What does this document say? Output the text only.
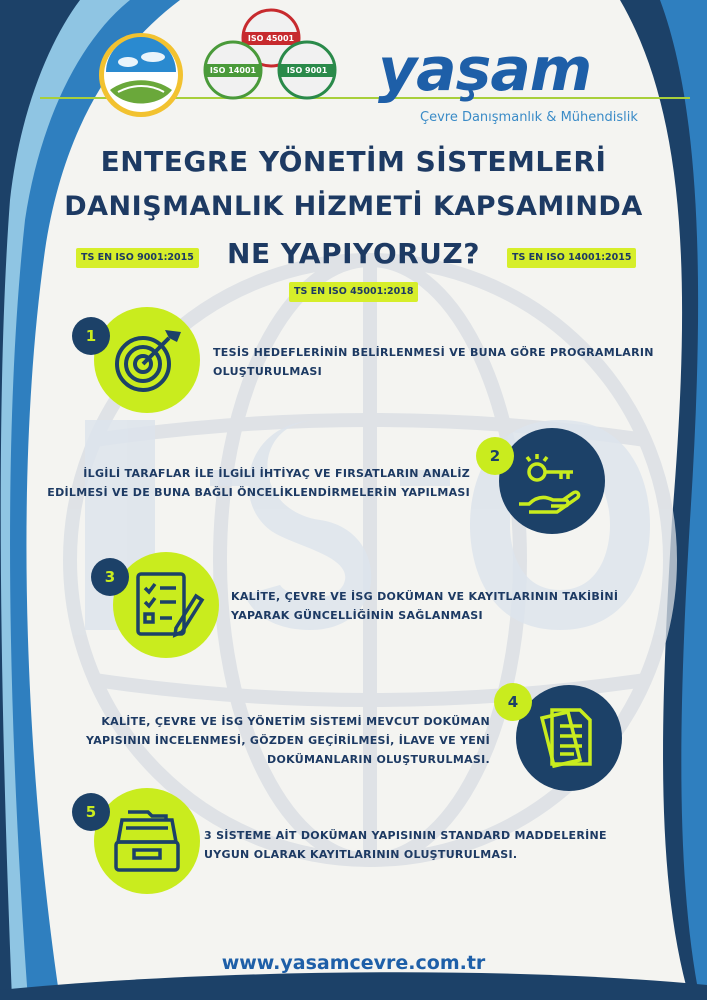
ISO 45001
ISO 14001	ISO 9001 yaşam
Çevre Danışmanlık & Mühendislik
ENTEGRE YÖNETİM SİSTEMLERİ
DANIŞMANLIK HİZMETİ KAPSAMINDA
NE YAPIYORUZ?
TS EN ISO 9001:2015	TS EN ISO 14001:2015
TS EN ISO 45001:2018
1
TESİS HEDEFLERİNİN BELİRLENMESİ VE BUNA GÖRE PROGRAMLARIN
OLUŞTURULMASI
2
İLGİLİ TARAFLAR İLE İLGİLİ İHTİYAÇ VE FIRSATLARIN ANALİZ
EDİLMESİ VE DE BUNA BAĞLI ÖNCELİKLENDİRMELERİN YAPILMASI
3
KALİTE, ÇEVRE VE İSG DOKÜMAN VE KAYITLARININ TAKİBİNİ
YAPARAK GÜNCELLİĞİNİN SAĞLANMASI
4
KALİTE, ÇEVRE VE İSG YÖNETİM SİSTEMİ MEVCUT DOKÜMAN
YAPISININ İNCELENMESİ, GÖZDEN GEÇİRİLMESİ, İLAVE VE YENİ
DOKÜMANLARIN OLUŞTURULMASI.
5
3 SİSTEME AİT DOKÜMAN YAPISININ STANDARD MADDELERİNE
UYGUN OLARAK KAYITLARININ OLUŞTURULMASI.
www.yasamcevre.com.tr
